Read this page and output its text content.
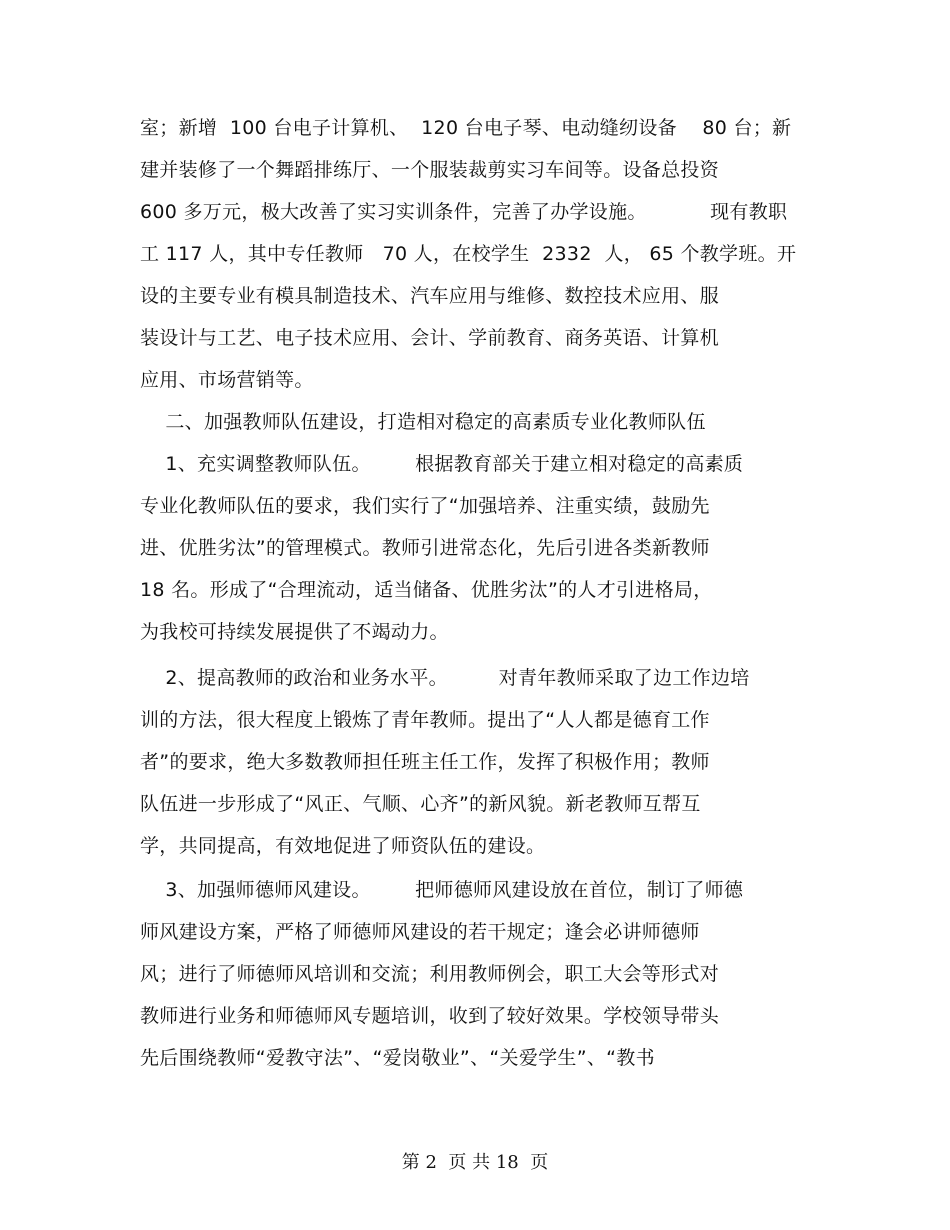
室；新增  100 台电子计算机、  120 台电子琴、电动缝纫设备    80 台；新
建并装修了一个舞蹈排练厅、一个服装裁剪实习车间等。设备总投资
600 多万元，极大改善了实习实训条件，完善了办学设施。          现有教职
工 117 人，其中专任教师   70 人，在校学生  2332  人， 65 个教学班。开
设的主要专业有模具制造技术、汽车应用与维修、数控技术应用、服
装设计与工艺、电子技术应用、会计、学前教育、商务英语、计算机
应用、市场营销等。
二、加强教师队伍建设，打造相对稳定的高素质专业化教师队伍
1、充实调整教师队伍。       根据教育部关于建立相对稳定的高素质
专业化教师队伍的要求，我们实行了“加强培养、注重实绩，鼓励先
进、优胜劣汰”的管理模式。教师引进常态化，先后引进各类新教师
18 名。形成了“合理流动，适当储备、优胜劣汰”的人才引进格局，
为我校可持续发展提供了不竭动力。
2、提高教师的政治和业务水平。        对青年教师采取了边工作边培
训的方法，很大程度上锻炼了青年教师。提出了“人人都是德育工作
者”的要求，绝大多数教师担任班主任工作，发挥了积极作用；教师
队伍进一步形成了“风正、气顺、心齐”的新风貌。新老教师互帮互
学，共同提高，有效地促进了师资队伍的建设。
3、加强师德师风建设。       把师德师风建设放在首位，制订了师德
师风建设方案，严格了师德师风建设的若干规定；逢会必讲师德师
风；进行了师德师风培训和交流；利用教师例会，职工大会等形式对
教师进行业务和师德师风专题培训，收到了较好效果。学校领导带头
先后围绕教师“爱教守法”、“爱岗敬业”、“关爱学生”、“教书
第 2  页 共 18  页
